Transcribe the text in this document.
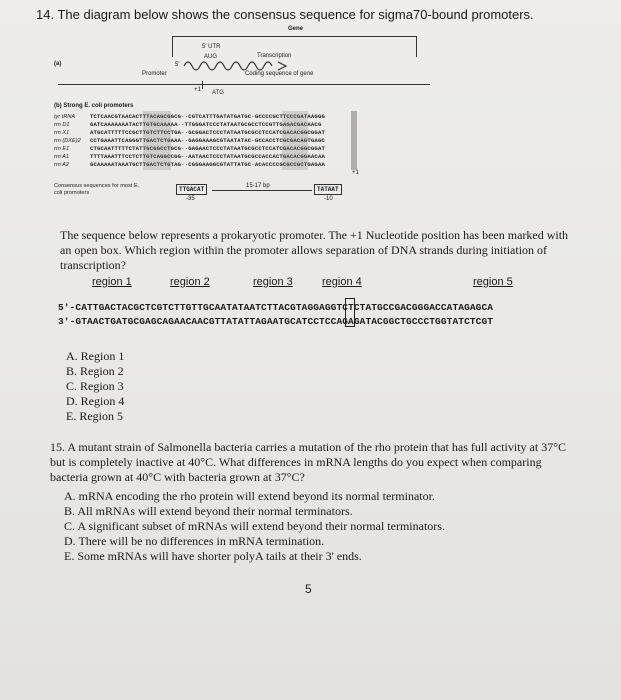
14. The diagram below shows the consensus sequence for sigma70-bound promoters.
Gene
5' UTR
AUG	Transcription
(a)	5'
Promoter	Coding sequence of gene
+1 ATG
(b) Strong E. coli promoters
tyr tRNA	TCTCAACGTAACACTTTACAGCGGCG··CGTCATTTGATATGATGC·GCCCCGCTTCCCGATAAGGG
rrn D1	GATCAAAAAAATACTTGTGCAAAAA··TTGGGATCCCTATAATGCGCCTCCGTTGAGACGACAACG
rrn X1	ATGCATTTTTCCGCTTGTCTTCCTGA··GCGGACTCCCTATAATGCGCCTCCATCGACACGGCGGAT
rrn (DXE)2 CCTGAAATTCAGGGTTGACTCTGAAA··GAGGAAAGCGTAATATAC·GCCACCTCGCGACAGTGAGC
rrn E1	CTGCAATTTTTCTATTGCGGCCTGCG··GAGAACTCCCTATAATGCGCCTCCATCGACACGGCGGAT
rrn A1	TTTTAAATTTCCTCTTGTCAGGCCGG··AATAACTCCCTATAATGCGCCACCACTGACACGGAACAA
rrn A2	GCAAAAATAAATGCTTGACTCTGTAG··CGGGAAGGCGTATTATGC·ACACCCCGCGCCGCTGAGAA
+1
Consensus sequences for most E. coli promoters	TTGACAT
-35
15-17 bp	TATAAT
-10
The sequence below represents a prokaryotic promoter. The +1 Nucleotide position has been marked with an open box. Which region within the promoter allows separation of DNA strands during initiation of transcription?
region 1	region 2	region 3	region 4	region 5
5'-CATTGACTACGCTCGTCTTGTTGCAATATAATCTTACGTAGGAGGTCTCTATGCCGACGGGACCATAGAGCA
3'-GTAACTGATGCGAGCAGAACAACGTTATATTAGAATGCATCCTCCAGAGATACGGCTGCCCTGGTATCTCGT
A. Region 1
B. Region 2
C. Region 3
D. Region 4
E. Region 5
15. A mutant strain of Salmonella bacteria carries a mutation of the rho protein that has full activity at 37°C but is completely inactive at 40°C. What differences in mRNA lengths do you expect when comparing bacteria grown at 40°C with bacteria grown at 37°C?
A. mRNA encoding the rho protein will extend beyond its normal terminator.
B. All mRNAs will extend beyond their normal terminators.
C. A significant subset of mRNAs will extend beyond their normal terminators.
D. There will be no differences in mRNA termination.
E. Some mRNAs will have shorter polyA tails at their 3' ends.
5
